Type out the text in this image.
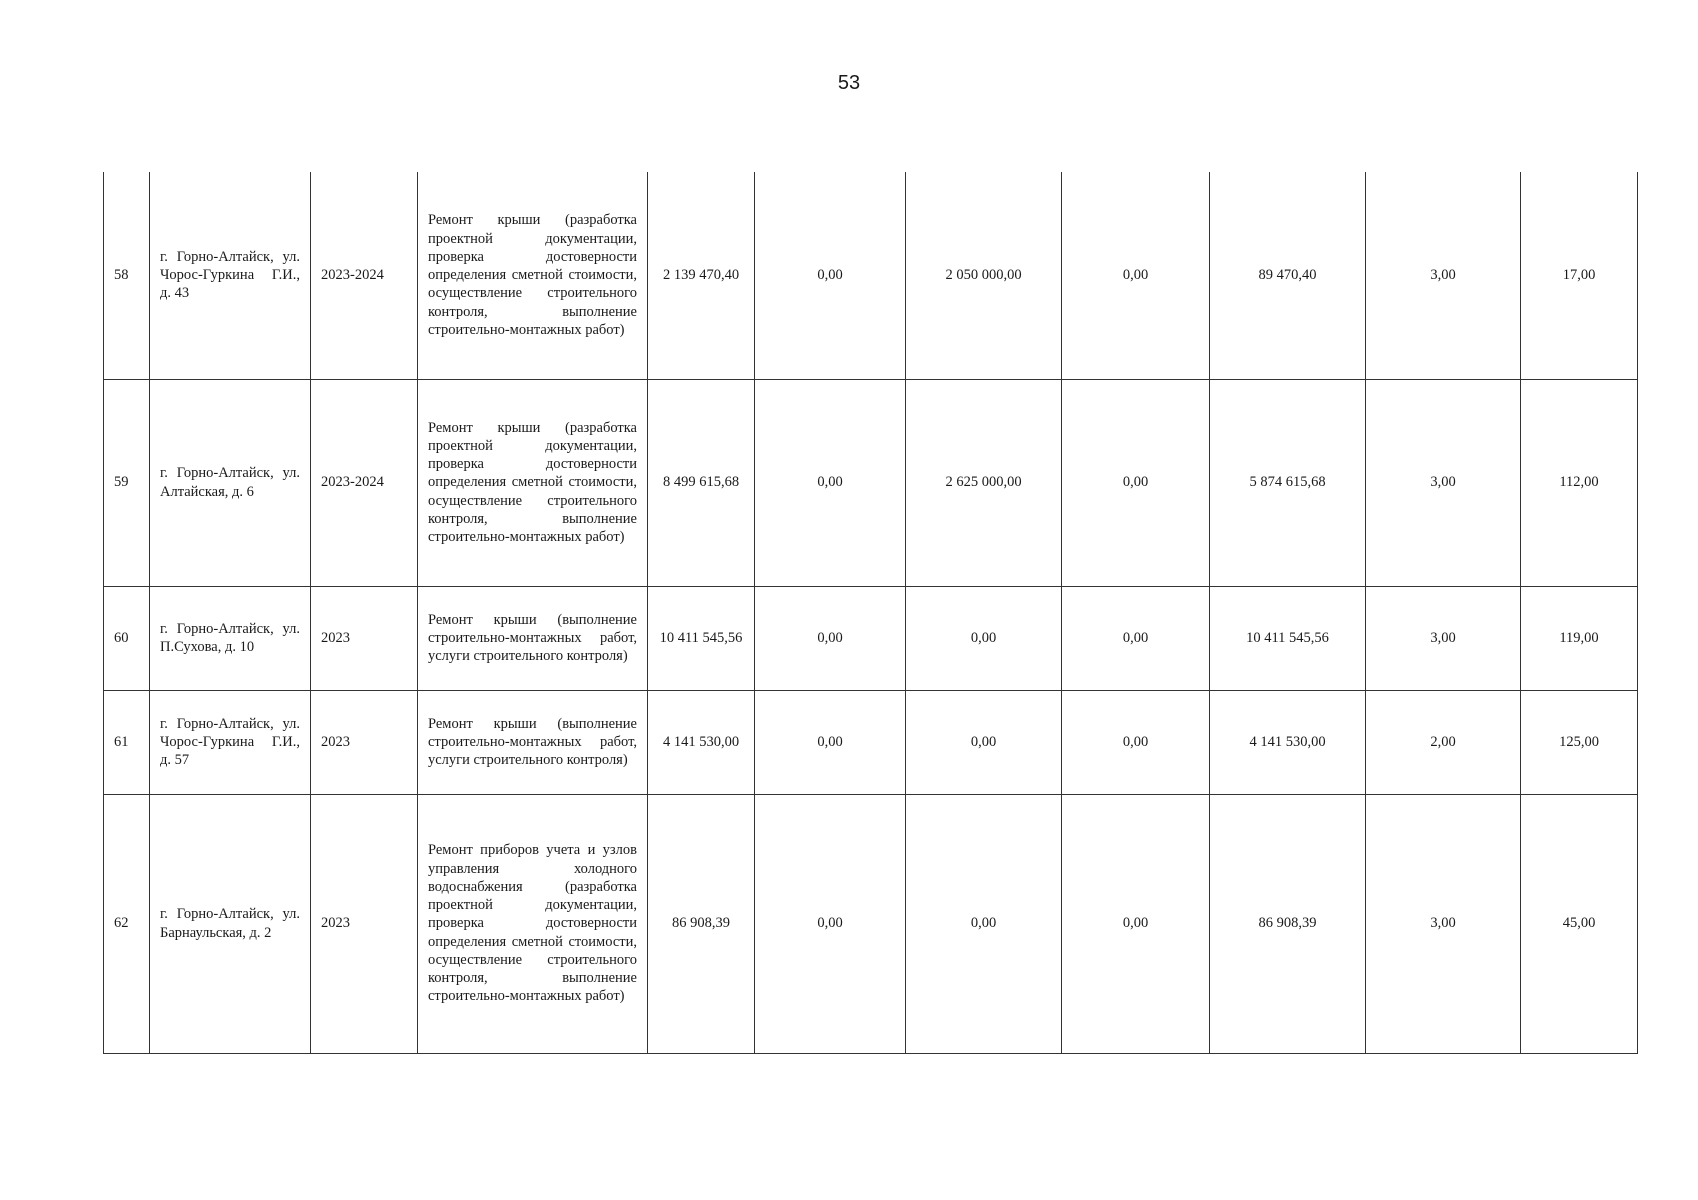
53
58	г. Горно-Алтайск, ул. Чорос-Гуркина Г.И., д. 43	2023-2024	Ремонт крыши (разработка проектной документации, проверка достоверности определения сметной стоимости, осуществление строительного контроля, выполнение строительно-монтажных работ)	2 139 470,40	0,00	2 050 000,00	0,00	89 470,40	3,00	17,00
59	г. Горно-Алтайск, ул. Алтайская, д. 6	2023-2024	Ремонт крыши (разработка проектной документации, проверка достоверности определения сметной стоимости, осуществление строительного контроля, выполнение строительно-монтажных работ)	8 499 615,68	0,00	2 625 000,00	0,00	5 874 615,68	3,00	112,00
60	г. Горно-Алтайск, ул. П.Сухова, д. 10	2023	Ремонт крыши (выполнение строительно-монтажных работ, услуги строительного контроля)	10 411 545,56	0,00	0,00	0,00	10 411 545,56	3,00	119,00
61	г. Горно-Алтайск, ул. Чорос-Гуркина Г.И., д. 57	2023	Ремонт крыши (выполнение строительно-монтажных работ, услуги строительного контроля)	4 141 530,00	0,00	0,00	0,00	4 141 530,00	2,00	125,00
62	г. Горно-Алтайск, ул. Барнаульская, д. 2	2023	Ремонт приборов учета и узлов управления холодного водоснабжения (разработка проектной документации, проверка достоверности определения сметной стоимости, осуществление строительного контроля, выполнение строительно-монтажных работ)	86 908,39	0,00	0,00	0,00	86 908,39	3,00	45,00
